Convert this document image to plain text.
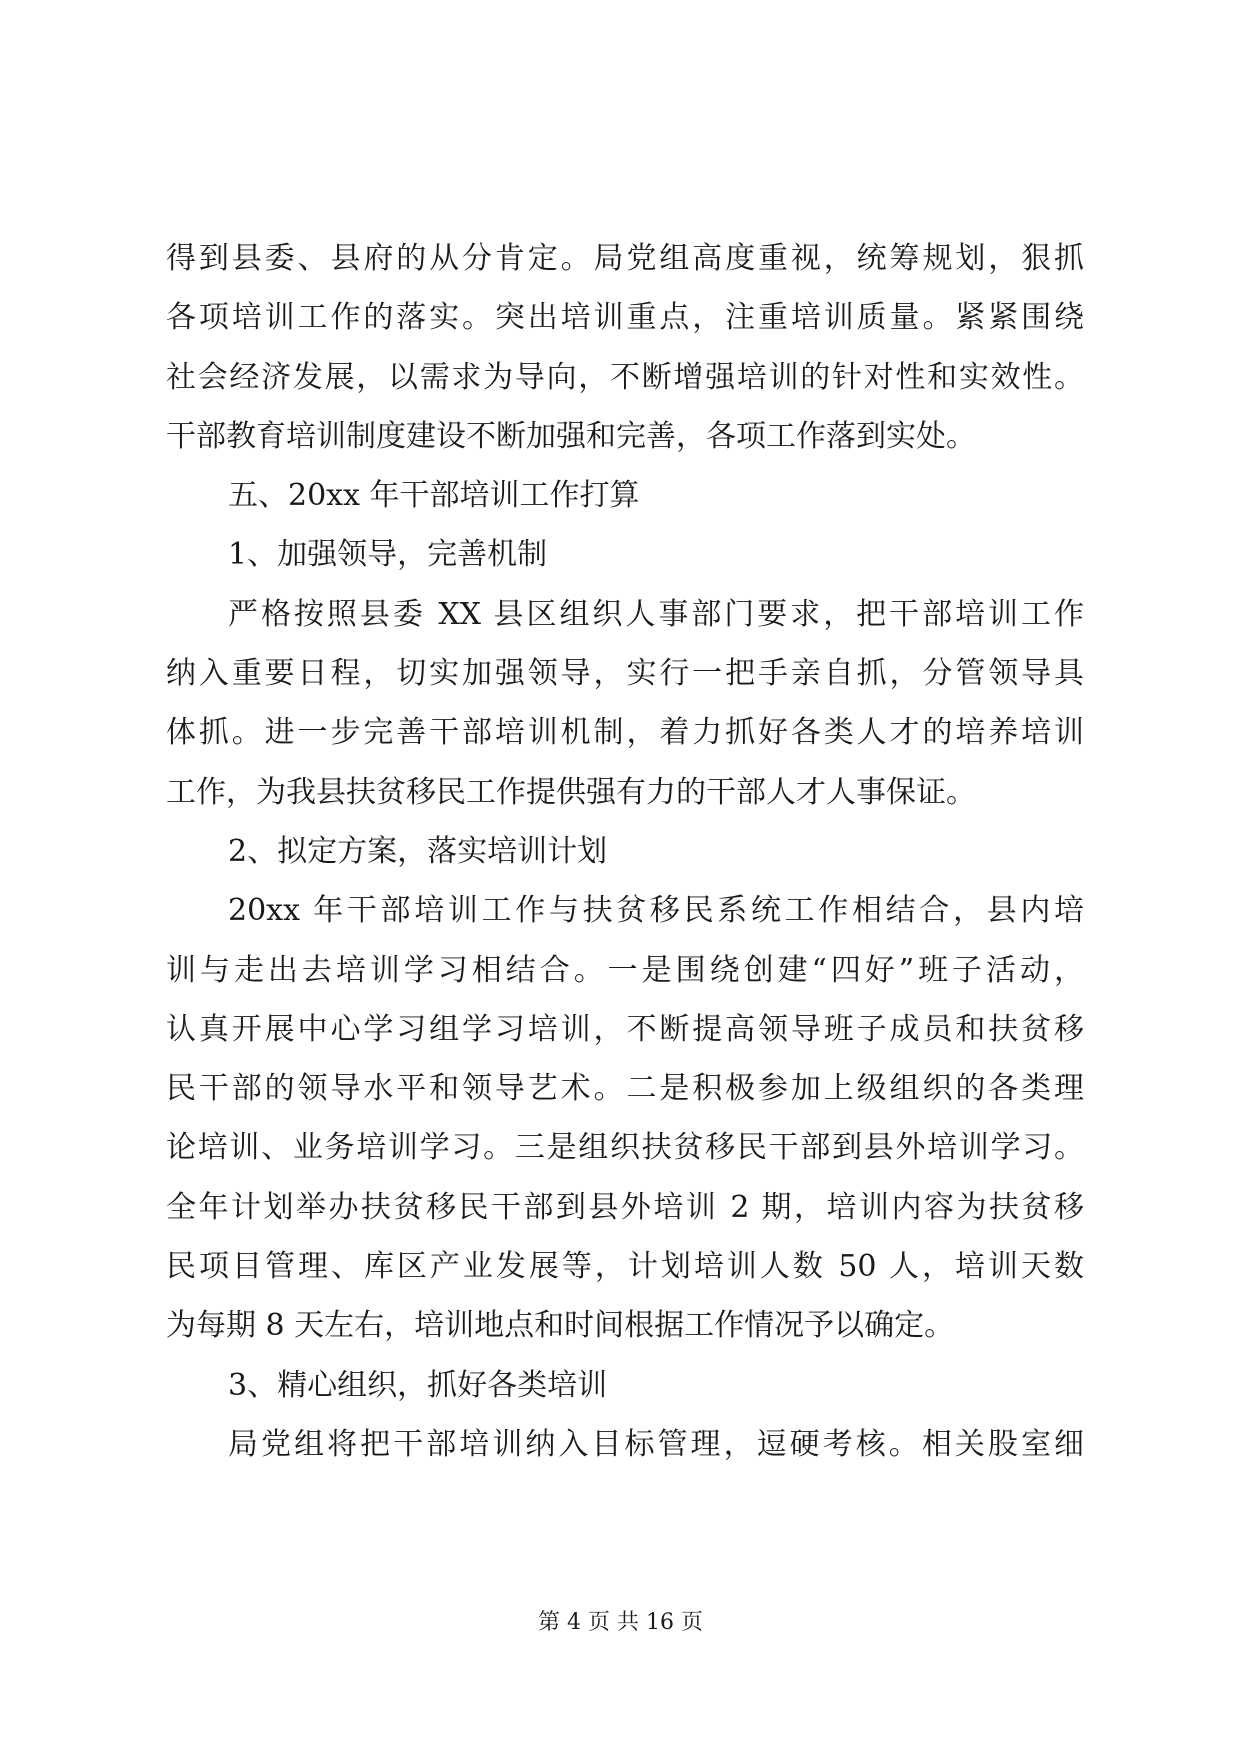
得到县委、县府的从分肯定。局党组高度重视，统筹规划，狠抓
各项培训工作的落实。突出培训重点，注重培训质量。紧紧围绕
社会经济发展，以需求为导向，不断增强培训的针对性和实效性。
干部教育培训制度建设不断加强和完善，各项工作落到实处。
五、20xx 年干部培训工作打算
1、加强领导，完善机制
严格按照县委 XX 县区组织人事部门要求，把干部培训工作
纳入重要日程，切实加强领导，实行一把手亲自抓，分管领导具
体抓。进一步完善干部培训机制，着力抓好各类人才的培养培训
工作，为我县扶贫移民工作提供强有力的干部人才人事保证。
2、拟定方案，落实培训计划
20xx 年干部培训工作与扶贫移民系统工作相结合，县内培
训与走出去培训学习相结合。一是围绕创建“四好”班子活动，
认真开展中心学习组学习培训，不断提高领导班子成员和扶贫移
民干部的领导水平和领导艺术。二是积极参加上级组织的各类理
论培训、业务培训学习。三是组织扶贫移民干部到县外培训学习。
全年计划举办扶贫移民干部到县外培训 2 期，培训内容为扶贫移
民项目管理、库区产业发展等，计划培训人数 50 人，培训天数
为每期 8 天左右，培训地点和时间根据工作情况予以确定。
3、精心组织，抓好各类培训
局党组将把干部培训纳入目标管理，逗硬考核。相关股室细
第 4 页 共 16 页
